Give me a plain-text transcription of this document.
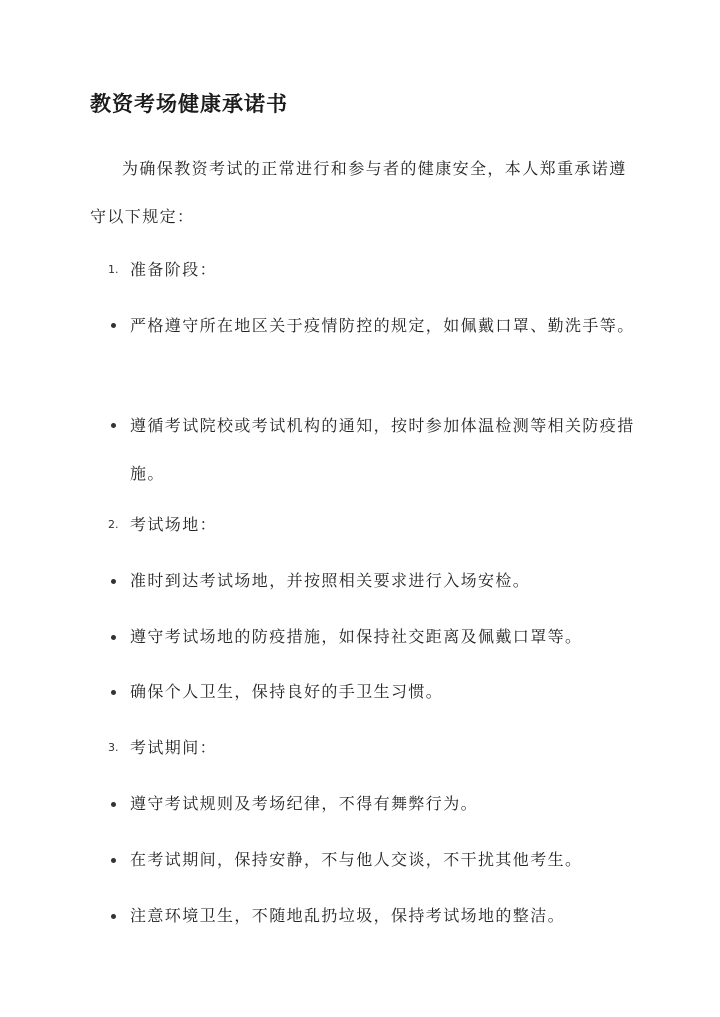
教资考场健康承诺书

为确保教资考试的正常进行和参与者的健康安全，本人郑重承诺遵守以下规定：

1. 准备阶段：

严格遵守所在地区关于疫情防控的规定，如佩戴口罩、勤洗手等。

遵循考试院校或考试机构的通知，按时参加体温检测等相关防疫措施。

2. 考试场地：
准时到达考试场地，并按照相关要求进行入场安检。
遵守考试场地的防疫措施，如保持社交距离及佩戴口罩等。
确保个人卫生，保持良好的手卫生习惯。
3. 考试期间：
遵守考试规则及考场纪律，不得有舞弊行为。
在考试期间，保持安静，不与他人交谈，不干扰其他考生。
注意环境卫生，不随地乱扔垃圾，保持考试场地的整洁。
